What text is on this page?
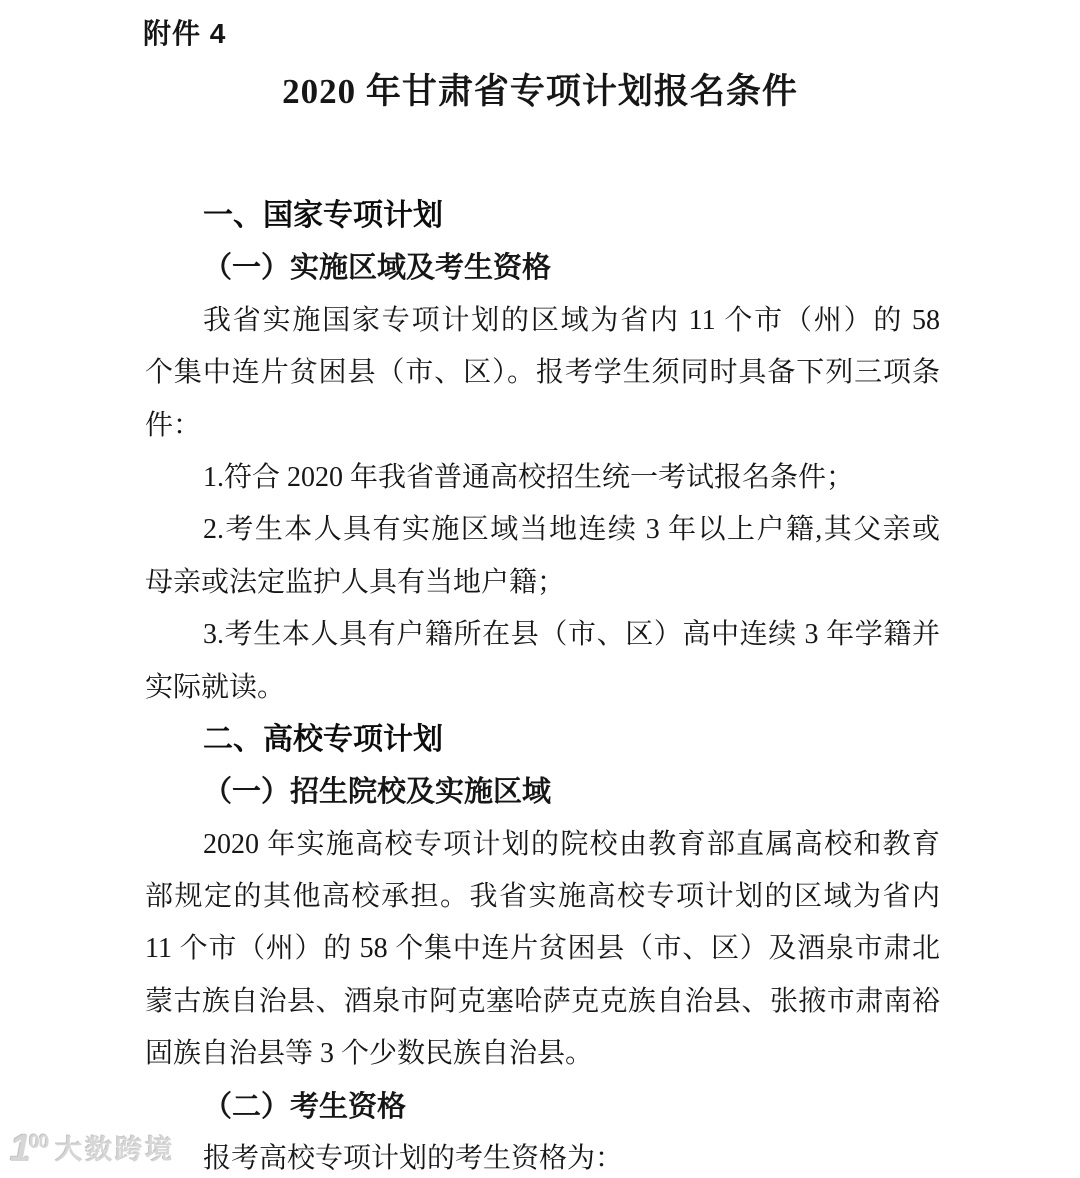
附件 4
2020 年甘肃省专项计划报名条件
一、国家专项计划
（一）实施区域及考生资格
我省实施国家专项计划的区域为省内 11 个市（州）的 58
个集中连片贫困县（市、区）。报考学生须同时具备下列三项条
件：
1.符合 2020 年我省普通高校招生统一考试报名条件；
2.考生本人具有实施区域当地连续 3 年以上户籍,其父亲或
母亲或法定监护人具有当地户籍；
3.考生本人具有户籍所在县（市、区）高中连续 3 年学籍并
实际就读。
二、高校专项计划
（一）招生院校及实施区域
2020 年实施高校专项计划的院校由教育部直属高校和教育
部规定的其他高校承担。我省实施高校专项计划的区域为省内
11 个市（州）的 58 个集中连片贫困县（市、区）及酒泉市肃北
蒙古族自治县、酒泉市阿克塞哈萨克克族自治县、张掖市肃南裕
固族自治县等 3 个少数民族自治县。
（二）考生资格
报考高校专项计划的考生资格为：
$1^{00}$ 大数跨境
